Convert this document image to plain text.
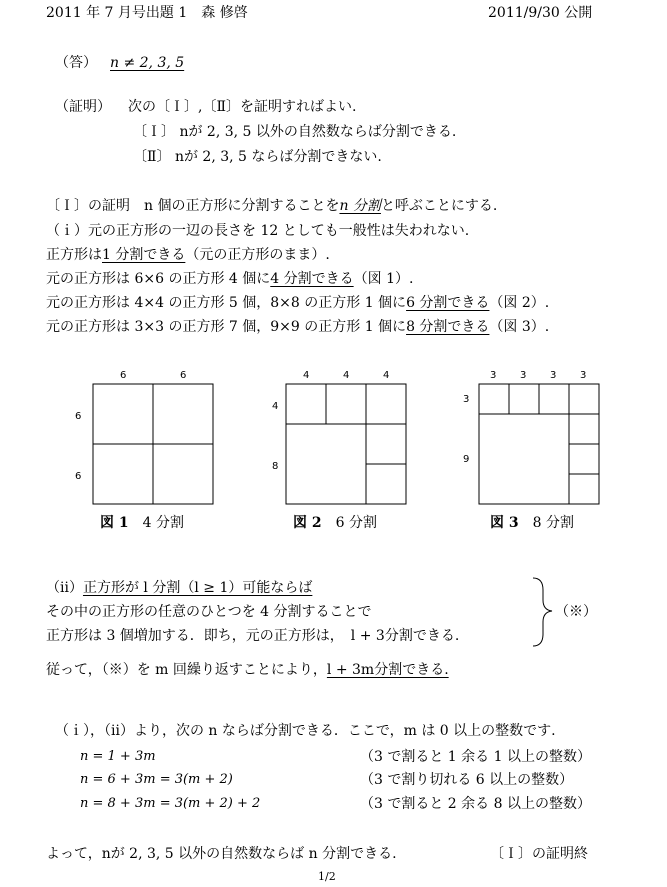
2011 年 7 月号出題 1　森 修啓	2011/9/30 公開
（答） n ≠ 2, 3, 5
（証明） 次の〔Ｉ〕,〔Ⅱ〕を証明すればよい.
〔Ｉ〕 nが 2, 3, 5 以外の自然数ならば分割できる.
〔Ⅱ〕 nが 2, 3, 5 ならば分割できない.
〔Ｉ〕の証明　n 個の正方形に分割することをn 分割と呼ぶことにする.
（ｉ）元の正方形の一辺の長さを 12 としても一般性は失われない.
正方形は1 分割できる（元の正方形のまま）.
元の正方形は 6×6 の正方形 4 個に4 分割できる（図 1）.
元の正方形は 4×4 の正方形 5 個，8×8 の正方形 1 個に6 分割できる（図 2）.
元の正方形は 3×3 の正方形 7 個，9×9 の正方形 1 個に8 分割できる（図 3）.
6	6
6
6
4	4	4
4
8
3 3 3 3
3
9
図 1　 4 分割	図 2　 6 分割	図 3　 8 分割
（ⅱ）正方形が l 分割（l ≥ 1）可能ならば
その中の正方形の任意のひとつを 4 分割することで
正方形は 3 個増加する．即ち，元の正方形は，　l + 3分割できる.
（※）
従って，（※）を m 回繰り返すことにより，l + 3m分割できる.
（ｉ），（ⅱ）より，次の n ならば分割できる．ここで，m は 0 以上の整数です.
n = 1 + 3m	（3 で割ると 1 余る 1 以上の整数）
n = 6 + 3m = 3(m + 2)	（3 で割り切れる 6 以上の整数）
n = 8 + 3m = 3(m + 2) + 2	（3 で割ると 2 余る 8 以上の整数）
よって，nが 2, 3, 5 以外の自然数ならば n 分割できる.	〔Ｉ〕の証明終
1/2
